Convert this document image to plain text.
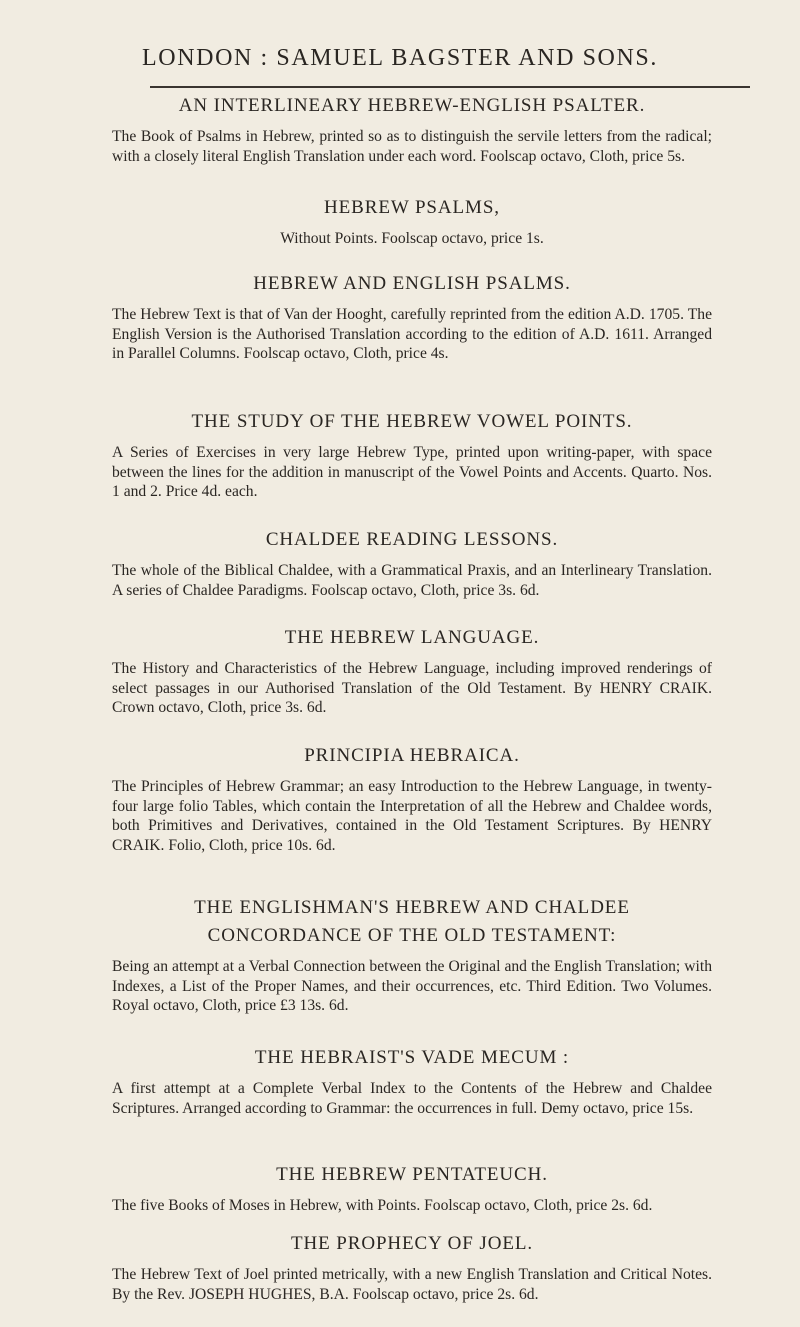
LONDON : SAMUEL BAGSTER AND SONS.

AN INTERLINEARY HEBREW-ENGLISH PSALTER.

The Book of Psalms in Hebrew, printed so as to distinguish the servile letters from the radical; with a closely literal English Translation under each word. Foolscap octavo, Cloth, price 5s.

HEBREW PSALMS,

Without Points. Foolscap octavo, price 1s.

HEBREW AND ENGLISH PSALMS.

The Hebrew Text is that of Van der Hooght, carefully reprinted from the edition A.D. 1705. The English Version is the Authorised Translation according to the edition of A.D. 1611. Arranged in Parallel Columns. Foolscap octavo, Cloth, price 4s.

THE STUDY OF THE HEBREW VOWEL POINTS.

A Series of Exercises in very large Hebrew Type, printed upon writing-paper, with space between the lines for the addition in manuscript of the Vowel Points and Accents. Quarto. Nos. 1 and 2. Price 4d. each.

CHALDEE READING LESSONS.

The whole of the Biblical Chaldee, with a Grammatical Praxis, and an Interlineary Translation. A series of Chaldee Paradigms. Foolscap octavo, Cloth, price 3s. 6d.

THE HEBREW LANGUAGE.

The History and Characteristics of the Hebrew Language, including improved renderings of select passages in our Authorised Translation of the Old Testament. By HENRY CRAIK. Crown octavo, Cloth, price 3s. 6d.

PRINCIPIA HEBRAICA.

The Principles of Hebrew Grammar; an easy Introduction to the Hebrew Language, in twenty-four large folio Tables, which contain the Interpretation of all the Hebrew and Chaldee words, both Primitives and Derivatives, contained in the Old Testament Scriptures. By HENRY CRAIK. Folio, Cloth, price 10s. 6d.

THE ENGLISHMAN'S HEBREW AND CHALDEE

CONCORDANCE OF THE OLD TESTAMENT:

Being an attempt at a Verbal Connection between the Original and the English Translation; with Indexes, a List of the Proper Names, and their occurrences, etc. Third Edition. Two Volumes. Royal octavo, Cloth, price £3 13s. 6d.

THE HEBRAIST'S VADE MECUM :

A first attempt at a Complete Verbal Index to the Contents of the Hebrew and Chaldee Scriptures. Arranged according to Grammar: the occurrences in full. Demy octavo, price 15s.

THE HEBREW PENTATEUCH.

The five Books of Moses in Hebrew, with Points. Foolscap octavo, Cloth, price 2s. 6d.

THE PROPHECY OF JOEL.

The Hebrew Text of Joel printed metrically, with a new English Translation and Critical Notes. By the Rev. JOSEPH HUGHES, B.A. Foolscap octavo, price 2s. 6d.
